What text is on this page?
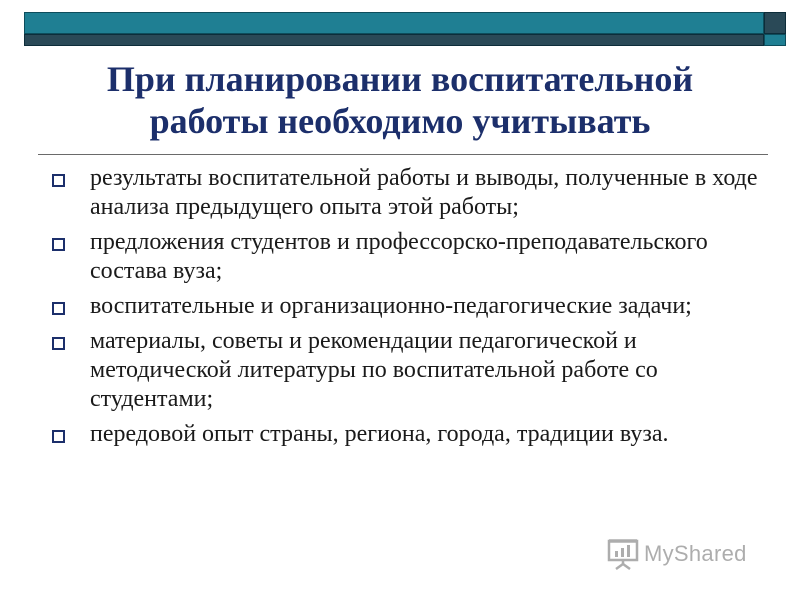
При планировании воспитательной
работы необходимо учитывать
результаты воспитательной работы и выводы, полученные в ходе анализа предыдущего опыта этой работы;
предложения студентов и профессорско-преподавательского состава вуза;
воспитательные и организационно-педагогические задачи;
материалы, советы и рекомендации педагогической и методической литературы по воспитательной работе со студентами;
передовой опыт страны, региона, города, традиции вуза.
MyShared
